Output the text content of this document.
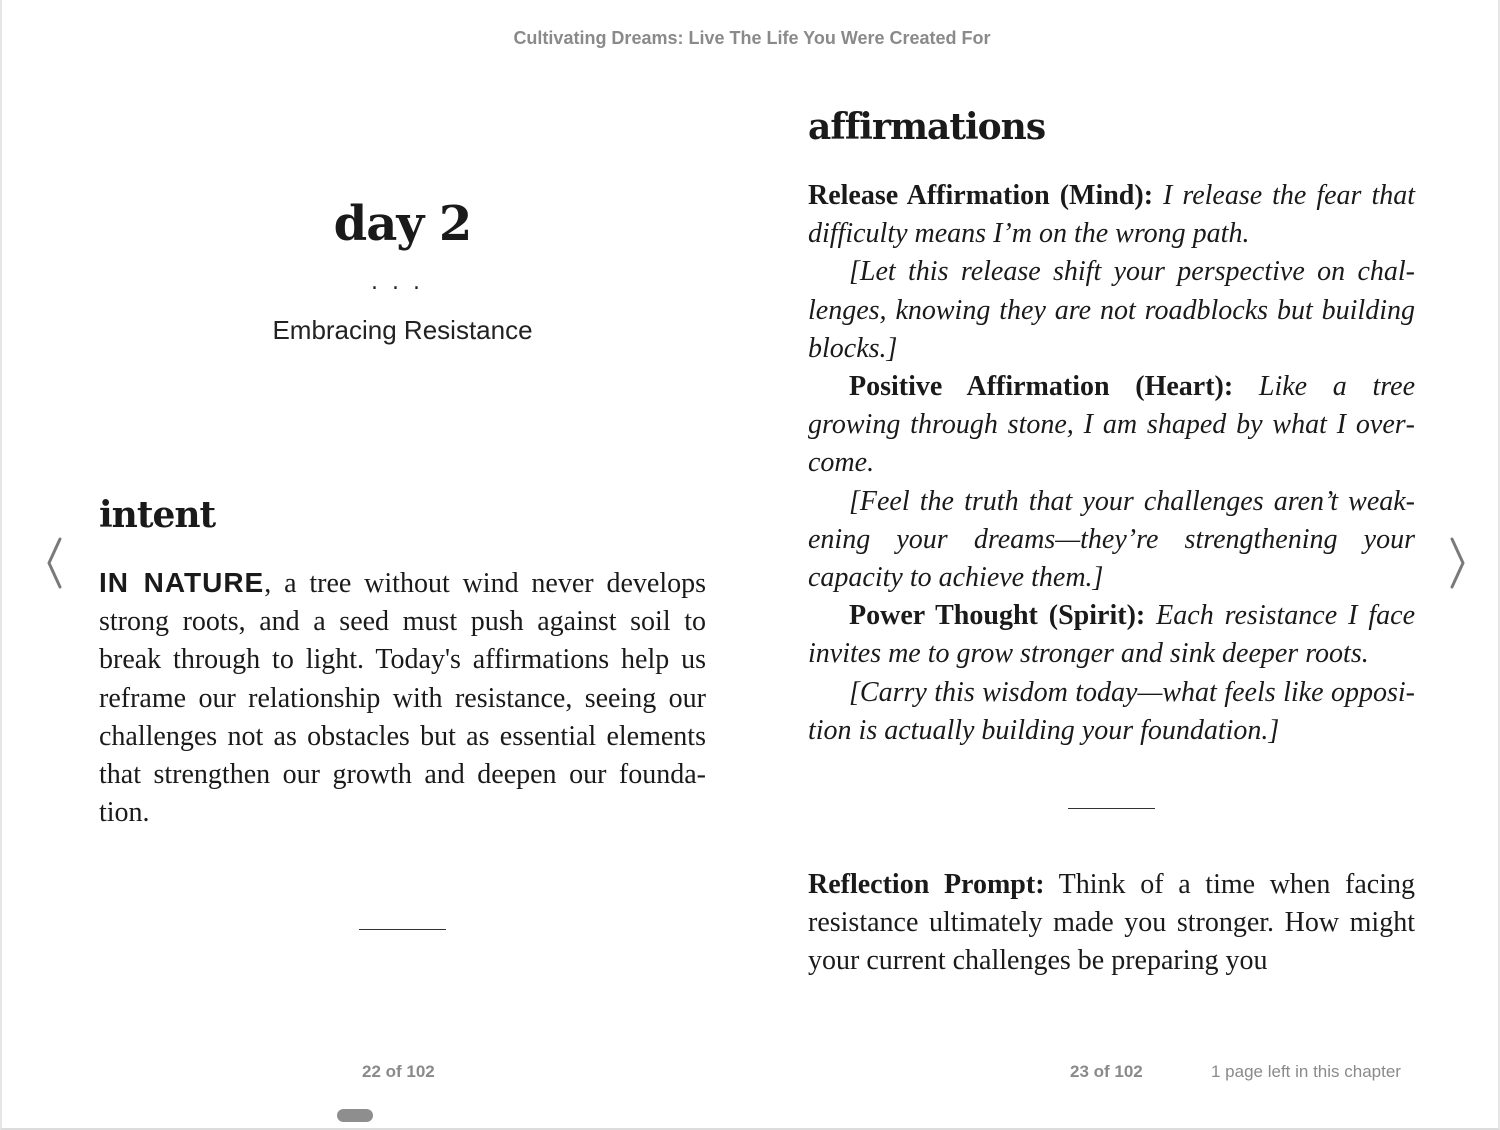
Cultivating Dreams: Live The Life You Were Created For
day 2
...
Embracing Resistance
intent

IN NATURE, a tree without wind never develops strong roots, and a seed must push against soil to break through to light. Today's affirmations help us reframe our relationship with resistance, seeing our challenges not as obstacles but as essential elements that strengthen our growth and deepen our foundation.

affirmations

Release Affirmation (Mind): I release the fear that difficulty means I’m on the wrong path.

[Let this release shift your perspective on challenges, knowing they are not roadblocks but building blocks.]

Positive Affirmation (Heart): Like a tree growing through stone, I am shaped by what I overcome.

[Feel the truth that your challenges aren’t weakening your dreams—they’re strengthening your capacity to achieve them.]

Power Thought (Spirit): Each resistance I face invites me to grow stronger and sink deeper roots.

[Carry this wisdom today—what feels like opposition is actually building your foundation.]

Reflection Prompt: Think of a time when facing resistance ultimately made you stronger. How might your current challenges be preparing you

22 of 102	23 of 102	1 page left in this chapter
